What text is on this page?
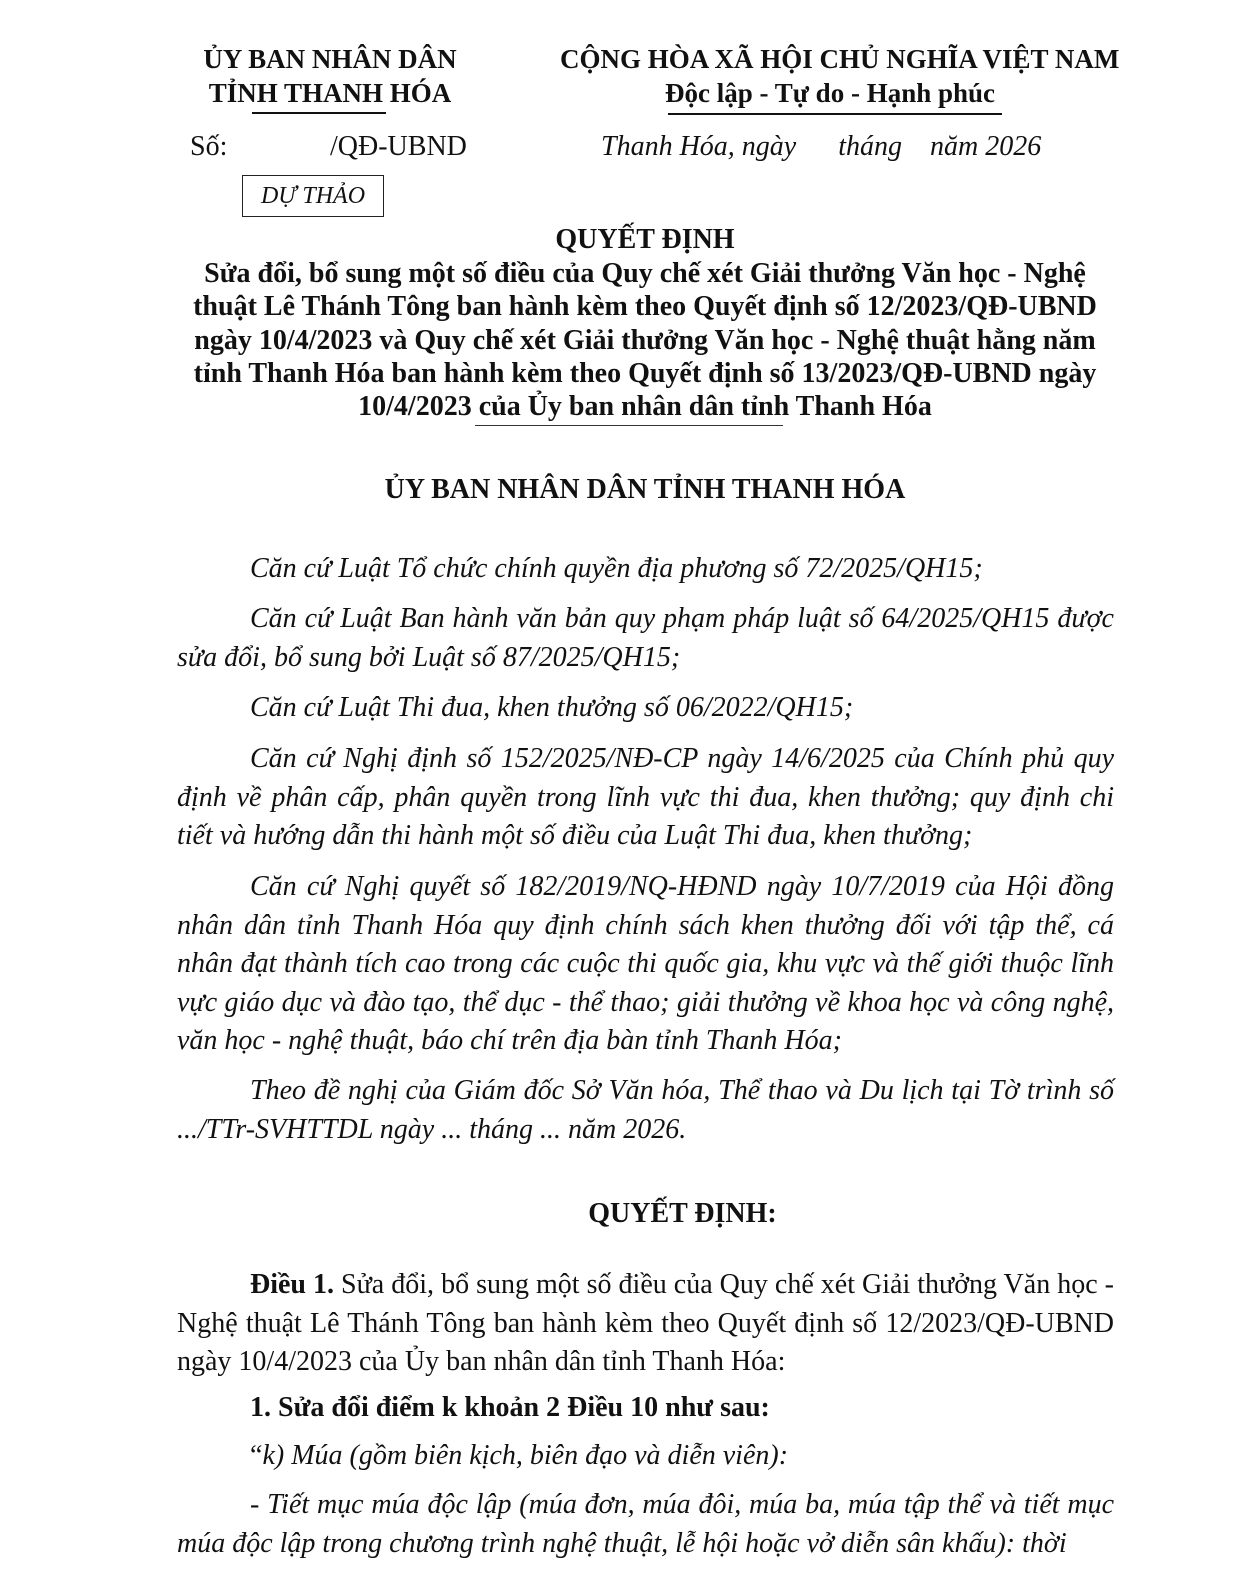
ỦY BAN NHÂN DÂN
TỈNH THANH HÓA
CỘNG HÒA XÃ HỘI CHỦ NGHĨA VIỆT NAM
Độc lập - Tự do - Hạnh phúc
Số:	/QĐ-UBND	Thanh Hóa, ngày      tháng    năm 2026
DỰ THẢO
QUYẾT ĐỊNH
Sửa đổi, bổ sung một số điều của Quy chế xét Giải thưởng Văn học - Nghệ
thuật Lê Thánh Tông ban hành kèm theo Quyết định số 12/2023/QĐ-UBND
ngày 10/4/2023 và Quy chế xét Giải thưởng Văn học - Nghệ thuật hằng năm
tỉnh Thanh Hóa ban hành kèm theo Quyết định số 13/2023/QĐ-UBND ngày
10/4/2023 của Ủy ban nhân dân tỉnh Thanh Hóa
ỦY BAN NHÂN DÂN TỈNH THANH HÓA
Căn cứ Luật Tổ chức chính quyền địa phương số 72/2025/QH15;
Căn cứ Luật Ban hành văn bản quy phạm pháp luật số 64/2025/QH15 được sửa đổi, bổ sung bởi Luật số 87/2025/QH15;
Căn cứ Luật Thi đua, khen thưởng số 06/2022/QH15;
Căn cứ Nghị định số 152/2025/NĐ-CP ngày 14/6/2025 của Chính phủ quy định về phân cấp, phân quyền trong lĩnh vực thi đua, khen thưởng; quy định chi tiết và hướng dẫn thi hành một số điều của Luật Thi đua, khen thưởng;
Căn cứ Nghị quyết số 182/2019/NQ-HĐND ngày 10/7/2019 của Hội đồng nhân dân tỉnh Thanh Hóa quy định chính sách khen thưởng đối với tập thể, cá nhân đạt thành tích cao trong các cuộc thi quốc gia, khu vực và thế giới thuộc lĩnh vực giáo dục và đào tạo, thể dục - thể thao; giải thưởng về khoa học và công nghệ, văn học - nghệ thuật, báo chí trên địa bàn tỉnh Thanh Hóa;
Theo đề nghị của Giám đốc Sở Văn hóa, Thể thao và Du lịch tại Tờ trình số .../TTr-SVHTTDL ngày ... tháng ... năm 2026.
QUYẾT ĐỊNH:
Điều 1. Sửa đổi, bổ sung một số điều của Quy chế xét Giải thưởng Văn học - Nghệ thuật Lê Thánh Tông ban hành kèm theo Quyết định số 12/2023/QĐ-UBND ngày 10/4/2023 của Ủy ban nhân dân tỉnh Thanh Hóa:
1. Sửa đổi điểm k khoản 2 Điều 10 như sau:
“k) Múa (gồm biên kịch, biên đạo và diễn viên):
- Tiết mục múa độc lập (múa đơn, múa đôi, múa ba, múa tập thể và tiết mục múa độc lập trong chương trình nghệ thuật, lễ hội hoặc vở diễn sân khấu): thời
